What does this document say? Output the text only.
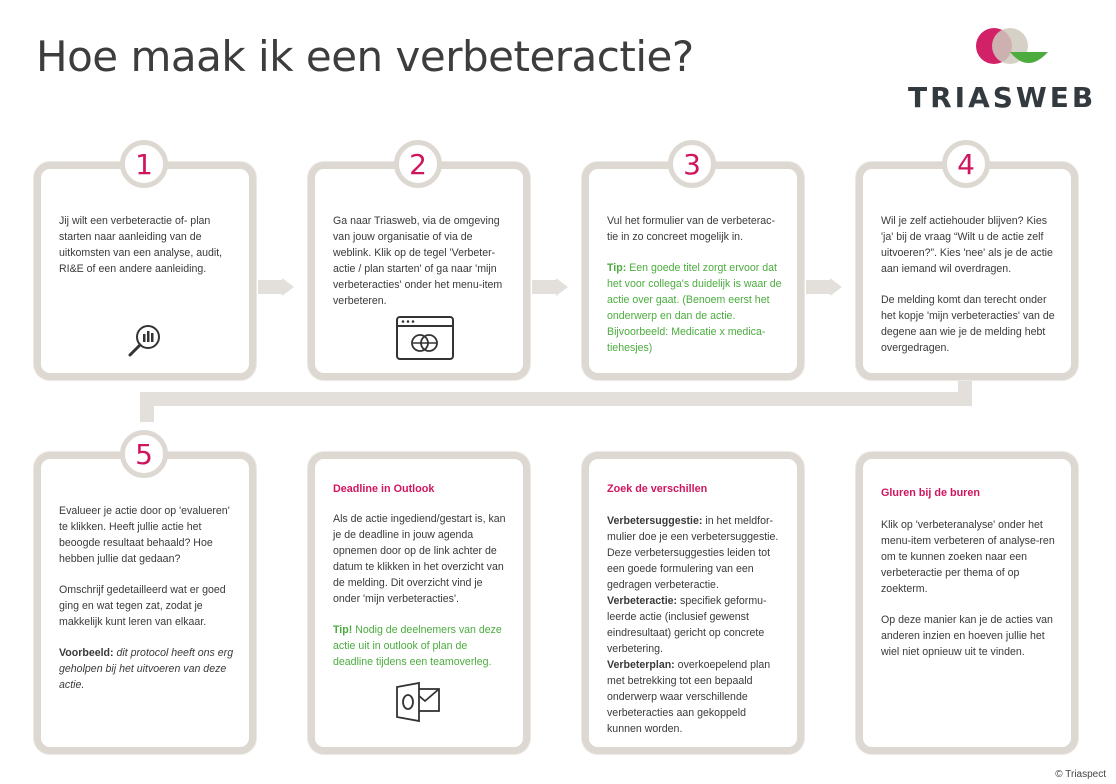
Hoe maak ik een verbeteractie?
TRIASWEB
Jij wilt een verbeteractie of- plan starten naar aanleiding van de uitkomsten van een analyse, audit, RI&E of een andere aanleiding.
1
Ga naar Triasweb, via de omgeving van jouw organisatie of via de weblink. Klik op de tegel 'Verbeter-actie / plan starten' of ga naar 'mijn verbeteracties' onder het menu-item verbeteren.
2

Vul het formulier van de verbeterac-tie in zo concreet mogelijk in.

Tip: Een goede titel zorgt ervoor dat het voor collega's duidelijk is waar de actie over gaat. (Benoem eerst het onderwerp en dan de actie. Bijvoorbeeld: Medicatie x medica-tiehesjes)

3

Wil je zelf actiehouder blijven? Kies 'ja' bij de vraag “Wilt u de actie zelf uitvoeren?”. Kies 'nee' als je de actie aan iemand wil overdragen.

De melding komt dan terecht onder het kopje 'mijn verbeteracties' van de degene aan wie je de melding hebt overgedragen.

4

Evalueer je actie door op 'evalueren' te klikken. Heeft jullie actie het beoogde resultaat behaald? Hoe hebben jullie dat gedaan?

Omschrijf gedetailleerd wat er goed ging en wat tegen zat, zodat je makkelijk kunt leren van elkaar.

Voorbeeld: dit protocol heeft ons erg geholpen bij het uitvoeren van deze actie.

5
Deadline in Outlook

Als de actie ingediend/gestart is, kan je de deadline in jouw agenda opnemen door op de link achter de datum te klikken in het overzicht van de melding. Dit overzicht vind je onder 'mijn verbeteracties'.

Tip! Nodig de deelnemers van deze actie uit in outlook of plan de deadline tijdens een teamoverleg.

Zoek de verschillen

Verbetersuggestie: in het meldfor-mulier doe je een verbetersuggestie. Deze verbetersuggesties leiden tot een goede formulering van een gedragen verbeteractie.

Verbeteractie: specifiek geformu-leerde actie (inclusief gewenst eindresultaat) gericht op concrete verbetering.

Verbeterplan: overkoepelend plan met betrekking tot een bepaald onderwerp waar verschillende verbeteracties aan gekoppeld kunnen worden.

Gluren bij de buren

Klik op 'verbeteranalyse' onder het menu-item verbeteren of analyse-ren om te kunnen zoeken naar een verbeteractie per thema of op zoekterm.

Op deze manier kan je de acties van anderen inzien en hoeven jullie het wiel niet opnieuw uit te vinden.

© Triaspect
